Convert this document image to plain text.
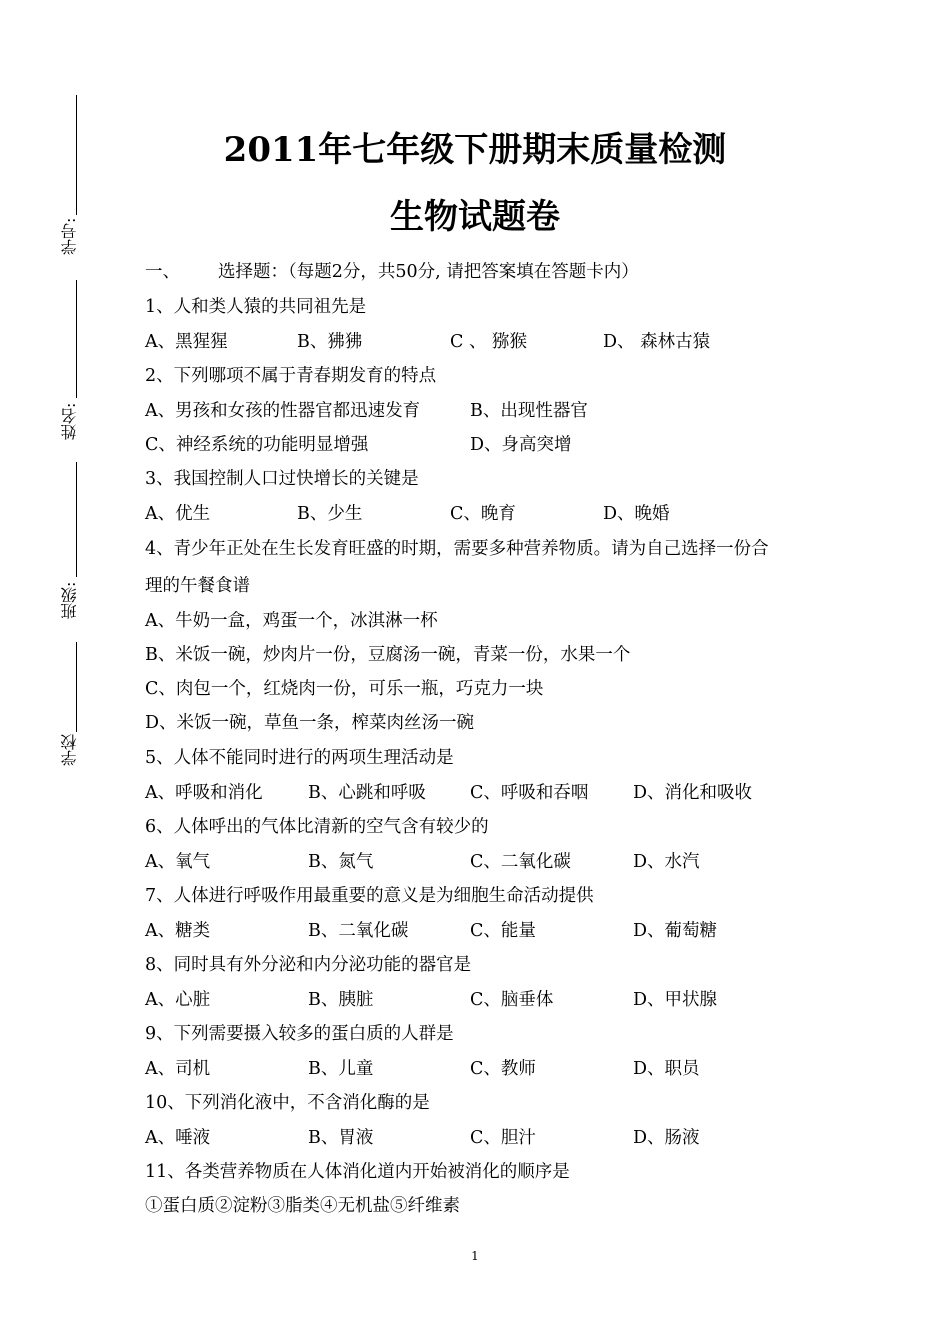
学号:
姓名:
班级:
学校
2011年七年级下册期末质量检测
生物试题卷
一、 选择题：（每题2分，共50分, 请把答案填在答题卡内）
1、人和类人猿的共同祖先是
A、黑猩猩	B、狒狒	C 、 猕猴	D、 森林古猿
2、下列哪项不属于青春期发育的特点
A、男孩和女孩的性器官都迅速发育	B、出现性器官
C、神经系统的功能明显增强	D、身高突增
3、我国控制人口过快增长的关键是
A、优生	B、少生	C、晚育	D、晚婚
4、青少年正处在生长发育旺盛的时期，需要多种营养物质。请为自己选择一份合
理的午餐食谱
A、牛奶一盒，鸡蛋一个，冰淇淋一杯
B、米饭一碗，炒肉片一份，豆腐汤一碗，青菜一份，水果一个
C、肉包一个，红烧肉一份，可乐一瓶，巧克力一块
D、米饭一碗，草鱼一条，榨菜肉丝汤一碗
5、人体不能同时进行的两项生理活动是
A、呼吸和消化	B、心跳和呼吸	C、呼吸和吞咽	D、消化和吸收
6、人体呼出的气体比清新的空气含有较少的
A、氧气	B、氮气	C、二氧化碳	D、水汽
7、人体进行呼吸作用最重要的意义是为细胞生命活动提供
A、糖类	B、二氧化碳	C、能量	D、葡萄糖
8、同时具有外分泌和内分泌功能的器官是
A、心脏	B、胰脏	C、脑垂体	D、甲状腺
9、下列需要摄入较多的蛋白质的人群是
A、司机	B、儿童	C、教师	D、职员
10、下列消化液中，不含消化酶的是
A、唾液	B、胃液	C、胆汁	D、肠液
11、各类营养物质在人体消化道内开始被消化的顺序是
①蛋白质②淀粉③脂类④无机盐⑤纤维素
1
